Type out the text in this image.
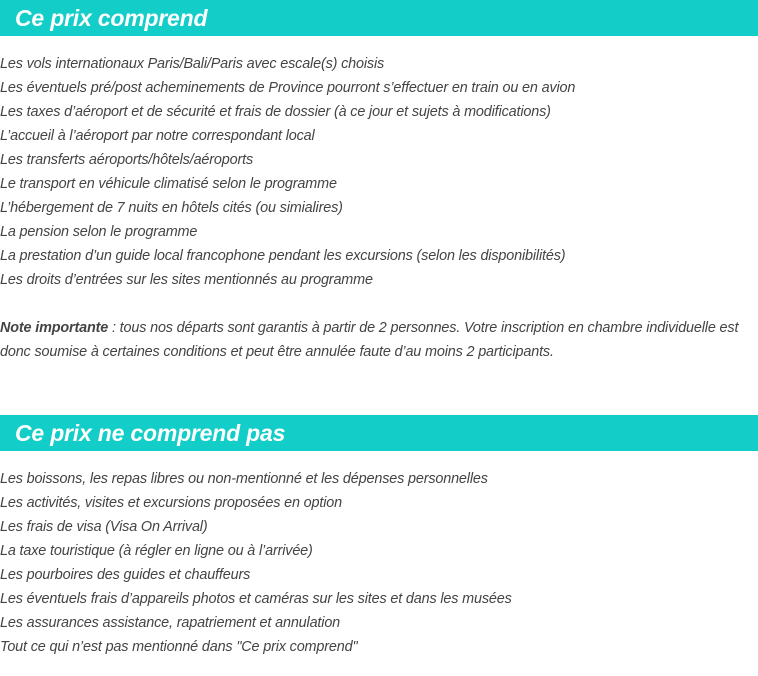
Ce prix comprend
Les vols internationaux Paris/Bali/Paris avec escale(s) choisis
Les éventuels pré/post acheminements de Province pourront s’effectuer en train ou en avion
Les taxes d’aéroport et de sécurité et frais de dossier (à ce jour et sujets à modifications)
L’accueil à l’aéroport par notre correspondant local
Les transferts aéroports/hôtels/aéroports
Le transport en véhicule climatisé selon le programme
L’hébergement de 7 nuits en hôtels cités (ou simialires)
La pension selon le programme
La prestation d’un guide local francophone pendant les excursions (selon les disponibilités)
Les droits d’entrées sur les sites mentionnés au programme
Note importante : tous nos départs sont garantis à partir de 2 personnes. Votre inscription en chambre individuelle est donc soumise à certaines conditions et peut être annulée faute d’au moins 2 participants.
Ce prix ne comprend pas
Les boissons, les repas libres ou non-mentionné et les dépenses personnelles
Les activités, visites et excursions proposées en option
Les frais de visa (Visa On Arrival)
La taxe touristique (à régler en ligne ou à l’arrivée)
Les pourboires des guides et chauffeurs
Les éventuels frais d’appareils photos et caméras sur les sites et dans les musées
Les assurances assistance, rapatriement et annulation
Tout ce qui n’est pas mentionné dans "Ce prix comprend"
